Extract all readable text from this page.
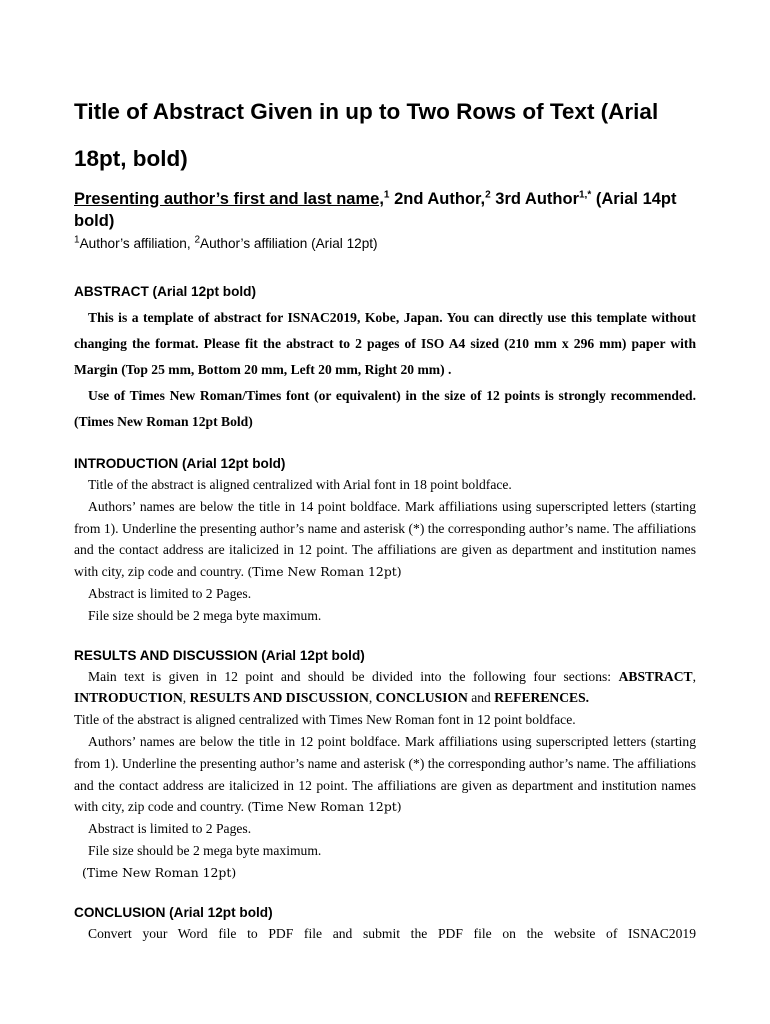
Title of Abstract Given in up to Two Rows of Text (Arial
18pt, bold)

Presenting author’s first and last name,$^1$ 2nd Author,$^2$ 3rd Author$^{1,*}$ (Arial 14pt bold)

$^1$Author’s affiliation, $^2$Author’s affiliation (Arial 12pt)

ABSTRACT (Arial 12pt bold)

This is a template of abstract for ISNAC2019, Kobe, Japan. You can directly use this template without changing the format. Please fit the abstract to 2 pages of ISO A4 sized (210 mm x 296 mm) paper with Margin (Top 25 mm, Bottom 20 mm, Left 20 mm, Right 20 mm) .

Use of Times New Roman/Times font (or equivalent) in the size of 12 points is strongly recommended. (Times New Roman 12pt Bold)

INTRODUCTION (Arial 12pt bold)

Title of the abstract is aligned centralized with Arial font in 18 point boldface.

Authors’ names are below the title in 14 point boldface. Mark affiliations using superscripted letters (starting from 1). Underline the presenting author’s name and asterisk (*) the corresponding author’s name. The affiliations and the contact address are italicized in 12 point. The affiliations are given as department and institution names with city, zip code and country. (Time New Roman 12pt)

Abstract is limited to 2 Pages.

File size should be 2 mega byte maximum.

RESULTS AND DISCUSSION (Arial 12pt bold)

Main text is given in 12 point and should be divided into the following four sections: ABSTRACT, INTRODUCTION, RESULTS AND DISCUSSION, CONCLUSION and REFERENCES.

Title of the abstract is aligned centralized with Times New Roman font in 12 point boldface.

Authors’ names are below the title in 12 point boldface. Mark affiliations using superscripted letters (starting from 1). Underline the presenting author’s name and asterisk (*) the corresponding author’s name. The affiliations and the contact address are italicized in 12 point. The affiliations are given as department and institution names with city, zip code and country. (Time New Roman 12pt)

Abstract is limited to 2 Pages.

File size should be 2 mega byte maximum.

(Time New Roman 12pt)

CONCLUSION (Arial 12pt bold)

Convert your Word file to PDF file and submit the PDF file on the website of ISNAC2019
